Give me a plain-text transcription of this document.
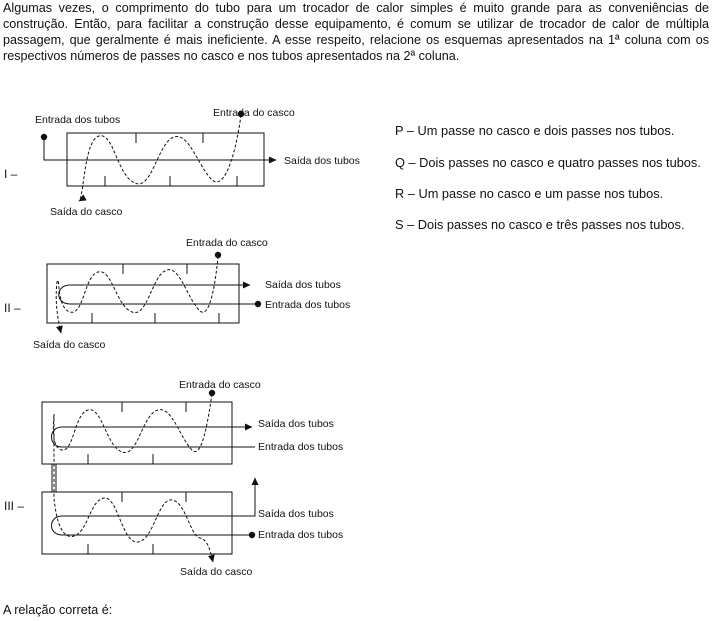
Algumas vezes, o comprimento do tubo para um trocador de calor simples é muito grande para as conveniências de construção. Então, para facilitar a construção desse equipamento, é comum se utilizar de trocador de calor de múltipla passagem, que geralmente é mais ineficiente. A esse respeito, relacione os esquemas apresentados na 1ª coluna com os respectivos números de passes no casco e nos tubos apresentados na 2ª coluna.

I –
Entrada dos tubos
Entrada do casco
Saída dos tubos
Saída do casco
II –
Entrada do casco
Saída dos tubos
Entrada dos tubos
Saída do casco
III –
Entrada do casco
Saída dos tubos
Entrada dos tubos
Saída dos tubos
Entrada dos tubos
Saída do casco
P – Um passe no casco e dois passes nos tubos.
Q – Dois passes no casco e quatro passes nos tubos.
R – Um passe no casco e um passe nos tubos.
S – Dois passes no casco e três passes nos tubos.

A relação correta é:
